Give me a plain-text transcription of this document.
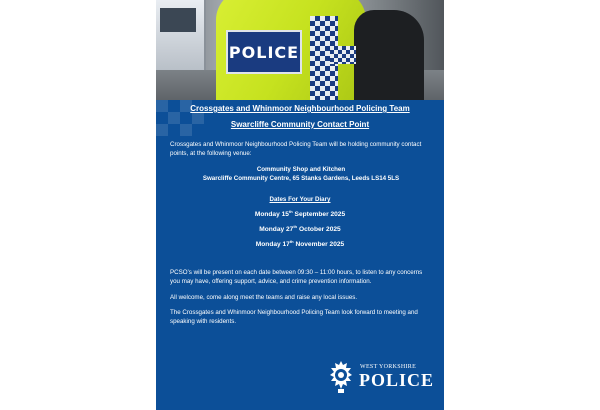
POLICE
Crossgates and Whinmoor Neighbourhood Policing Team
Swarcliffe Community Contact Point
Crossgates and Whinmoor Neighbourhood Policing Team will be holding community contact points, at the following venue:
Community Shop and Kitchen
Swarcliffe Community Centre, 65 Stanks Gardens, Leeds LS14 5LS
Dates For Your Diary
Monday 15th September 2025
Monday 27th October 2025
Monday 17th November 2025
PCSO’s will be present on each date between 09:30 – 11:00 hours, to listen to any concerns you may have, offering support, advice, and crime prevention information.
All welcome, come along meet the teams and raise any local issues.
The Crossgates and Whinmoor Neighbourhood Policing Team look forward to meeting and speaking with residents.
WEST YORKSHIRE
POLICE
